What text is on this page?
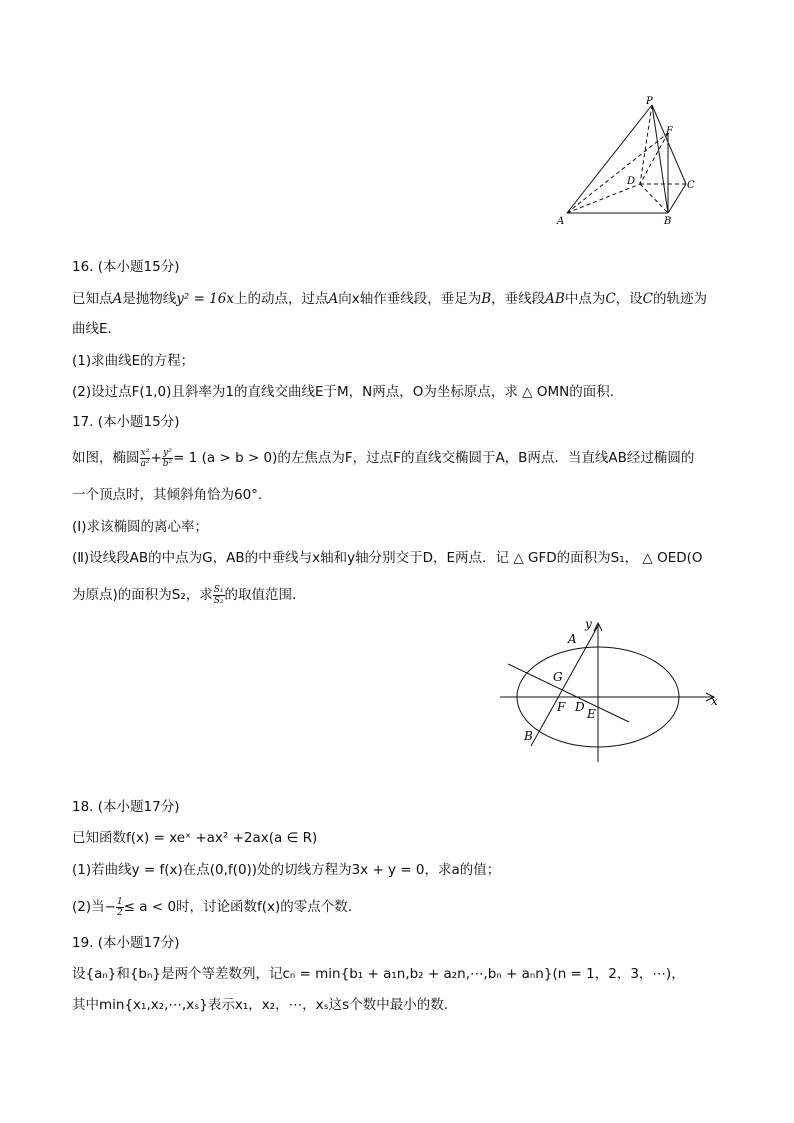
P
F
D	C
A	B
16. (本小题15分)
已知点A是抛物线y² = 16x上的动点，过点A向x轴作垂线段，垂足为B，垂线段AB中点为C，设C的轨迹为
曲线E.
(1)求曲线E的方程；
(2)设过点F(1,0)且斜率为1的直线交曲线E于M，N两点，O为坐标原点，求 △ OMN的面积.
17. (本小题15分)
如图，椭圆 $\frac{\text{x²}}{\text{a²}} + \frac{\text{y²}}{\text{b²}} = 1$ (a > b > 0)的左焦点为F，过点F的直线交椭圆于A，B两点．当直线AB经过椭圆的
一个顶点时，其倾斜角恰为60°.
(Ⅰ)求该椭圆的离心率；
(Ⅱ)设线段AB的中点为G，AB的中垂线与x轴和y轴分别交于D，E两点．记 △ GFD的面积为S₁， △ OED(O
为原点)的面积为S₂，求 $\frac{\text{S₁}}{\text{S₂}}$ 的取值范围.
y
x
A
G
F D E
B
18. (本小题17分)
已知函数f(x) = xeˣ +ax² +2ax(a ∈ R)
(1)若曲线y = f(x)在点(0,f(0))处的切线方程为3x + y = 0，求a的值；
(2)当− $\frac{1}{2} \le a < 0$时，讨论函数f(x)的零点个数.
19. (本小题17分)
设{aₙ}和{bₙ}是两个等差数列，记cₙ = min{b₁ + a₁n,b₂ + a₂n,⋯,bₙ + aₙn}(n = 1，2，3，⋯)，
其中min{x₁,x₂,⋯,xₛ}表示x₁，x₂，⋯，xₛ这s个数中最小的数.
